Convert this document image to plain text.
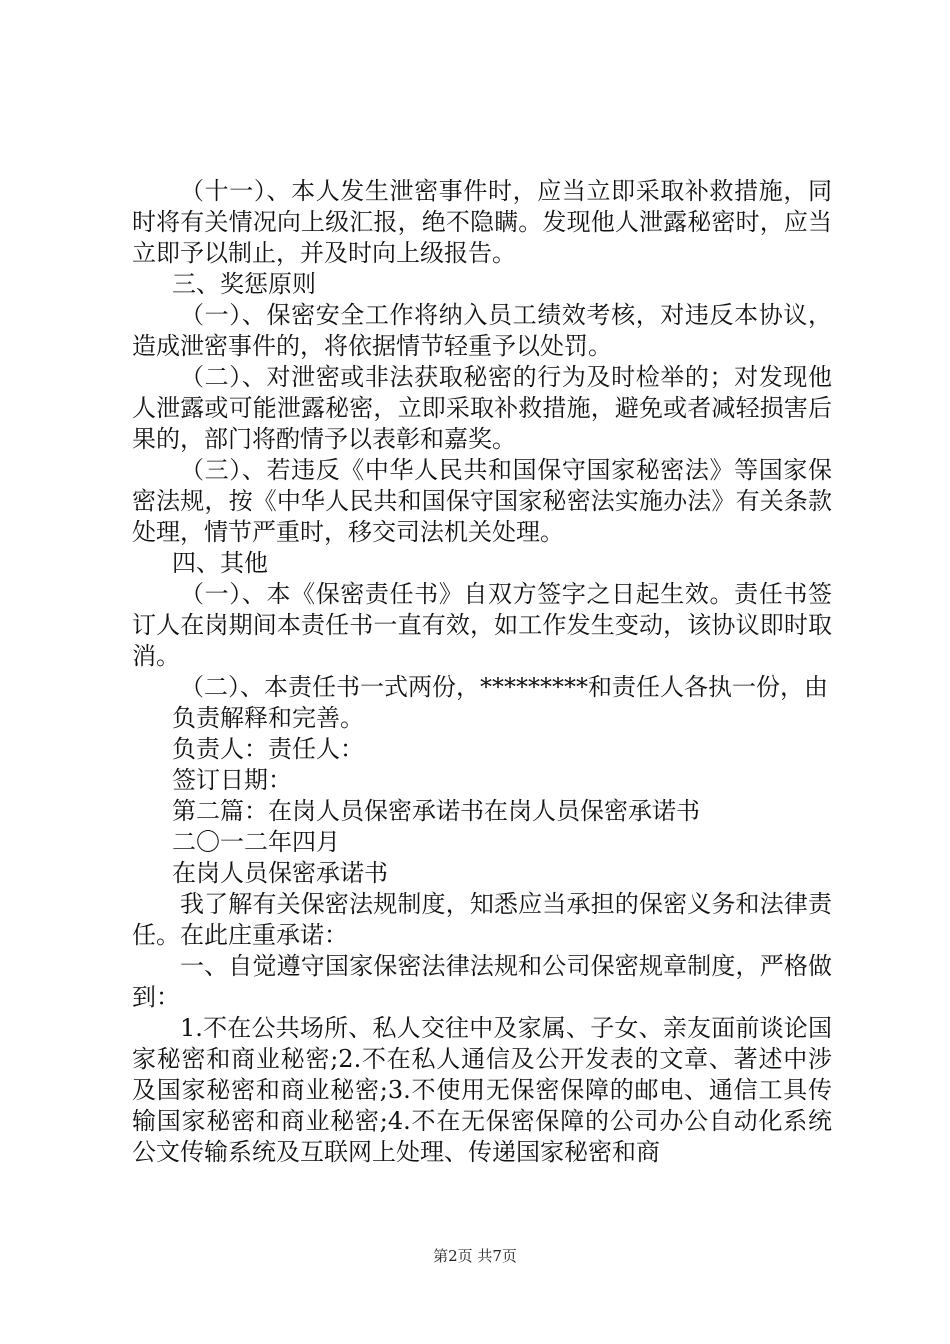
（十一）、本人发生泄密事件时，应当立即采取补救措施，同时将有关情况向上级汇报，绝不隐瞒。发现他人泄露秘密时，应当立即予以制止，并及时向上级报告。

三、奖惩原则

（一）、保密安全工作将纳入员工绩效考核，对违反本协议，造成泄密事件的，将依据情节轻重予以处罚。

（二）、对泄密或非法获取秘密的行为及时检举的；对发现他人泄露或可能泄露秘密，立即采取补救措施，避免或者减轻损害后果的，部门将酌情予以表彰和嘉奖。

（三）、若违反《中华人民共和国保守国家秘密法》等国家保密法规，按《中华人民共和国保守国家秘密法实施办法》有关条款处理，情节严重时，移交司法机关处理。

四、其他

（一）、本《保密责任书》自双方签字之日起生效。责任书签订人在岗期间本责任书一直有效，如工作发生变动，该协议即时取消。

（二）、本责任书一式两份，*********和责任人各执一份，由

负责解释和完善。

负责人：责任人：

签订日期：

第二篇：在岗人员保密承诺书在岗人员保密承诺书

二〇一二年四月

在岗人员保密承诺书

我了解有关保密法规制度，知悉应当承担的保密义务和法律责任。在此庄重承诺：

一、自觉遵守国家保密法律法规和公司保密规章制度，严格做到：

1.不在公共场所、私人交往中及家属、子女、亲友面前谈论国家秘密和商业秘密;2.不在私人通信及公开发表的文章、著述中涉及国家秘密和商业秘密;3.不使用无保密保障的邮电、通信工具传输国家秘密和商业秘密;4.不在无保密保障的公司办公自动化系统公文传输系统及互联网上处理、传递国家秘密和商

第2页 共7页
